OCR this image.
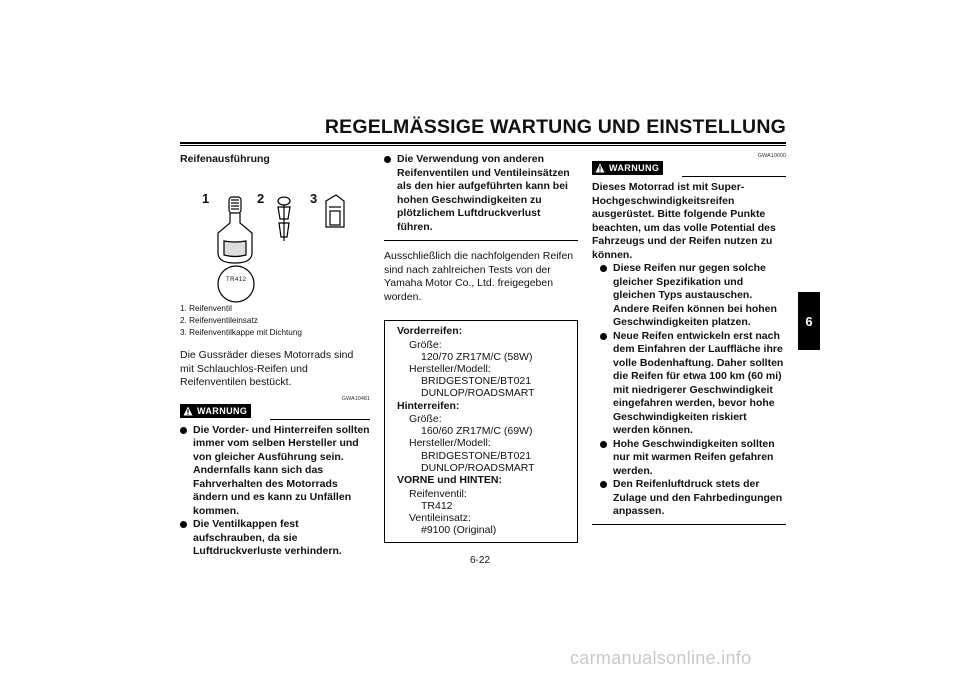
REGELMÄSSIGE WARTUNG UND EINSTELLUNG
6
Reifenausführung
1	2	3
TR412
1. Reifenventil
2. Reifenventileinsatz
3. Reifenventilkappe mit Dichtung
Die Gussräder dieses Motorrads sind mit Schlauchlos-Reifen und Reifenventilen bestückt.
GWA10481
WARNUNG
Die Vorder- und Hinterreifen sollten immer vom selben Hersteller und von gleicher Ausführung sein. Andernfalls kann sich das Fahrverhalten des Motorrads ändern und es kann zu Unfällen kommen.
Die Ventilkappen fest aufschrauben, da sie Luftdruckverluste verhindern.
Die Verwendung von anderen Reifenventilen und Ventileinsätzen als den hier aufgeführten kann bei hohen Geschwindigkeiten zu plötzlichem Luftdruckverlust führen.
Ausschließlich die nachfolgenden Reifen sind nach zahlreichen Tests von der Yamaha Motor Co., Ltd. freigegeben worden.
Vorderreifen:
Größe:
120/70 ZR17M/C (58W)
Hersteller/Modell:
BRIDGESTONE/BT021
DUNLOP/ROADSMART
Hinterreifen:
Größe:
160/60 ZR17M/C (69W)
Hersteller/Modell:
BRIDGESTONE/BT021
DUNLOP/ROADSMART
VORNE und HINTEN:
Reifenventil:
TR412
Ventileinsatz:
#9100 (Original)
GWA10600
WARNUNG
Dieses Motorrad ist mit Super-Hochgeschwindigkeitsreifen ausgerüstet. Bitte folgende Punkte beachten, um das volle Potential des Fahrzeugs und der Reifen nutzen zu können.
Diese Reifen nur gegen solche gleicher Spezifikation und gleichen Typs austauschen. Andere Reifen können bei hohen Geschwindigkeiten platzen.
Neue Reifen entwickeln erst nach dem Einfahren der Lauffläche ihre volle Bodenhaftung. Daher sollten die Reifen für etwa 100 km (60 mi) mit niedrigerer Geschwindigkeit eingefahren werden, bevor hohe Geschwindigkeiten riskiert werden können.
Hohe Geschwindigkeiten sollten nur mit warmen Reifen gefahren werden.
Den Reifenluftdruck stets der Zulage und den Fahrbedingungen anpassen.
6-22
carmanualsonline.info
